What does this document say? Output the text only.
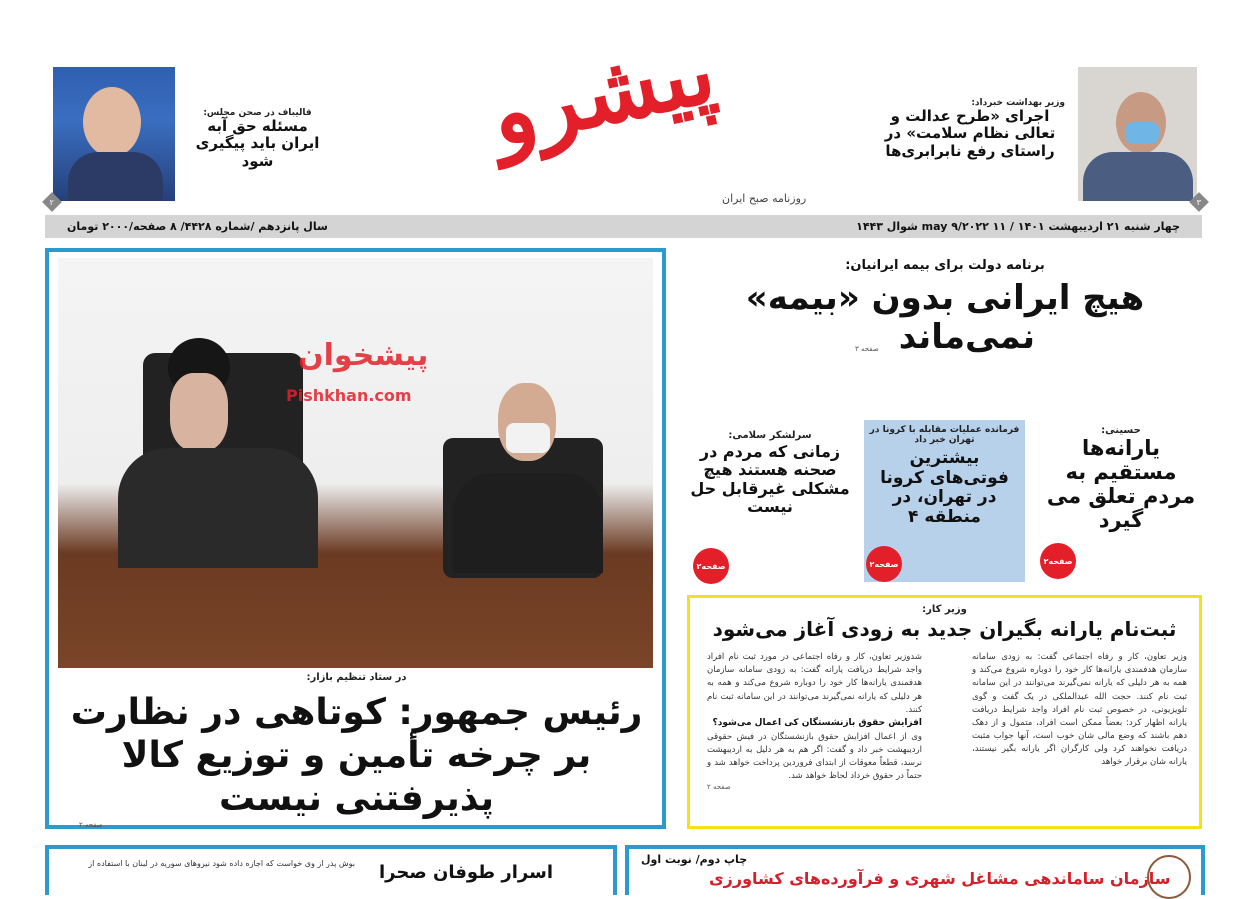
۲
قالیباف در صحن مجلس:
مسئله حق آبه ایران باید پیگیری شود	پیشرو
روزنامه صبح ایران
وزیر بهداشت خبرداد:
اجرای «طرح عدالت و تعالی نظام سلامت» در راستای رفع نابرابری‌ها
۳
سال پانزدهم /شماره ۴۴۲۸/ ۸ صفحه/۲۰۰۰ تومان	چهار شنبه ۲۱ اردیبهشت ۱۴۰۱ / ۱۱ may ۹/۲۰۲۲ شوال ۱۴۴۳
پیشخوان
Pishkhan.com
در ستاد تنظیم بازار:
رئیس جمهور: کوتاهی در نظارت بر چرخه تأمین و توزیع کالا پذیرفتنی نیست
صفحه ۲
برنامه دولت برای بیمه ایرانیان:
هیچ ایرانی بدون «بیمه»
نمی‌ماند
صفحه ۳
حسینی:
یارانه‌ها مستقیم به مردم تعلق می گیرد
صفحه۲
فرمانده عملیات مقابله با کرونا در تهران خبر داد
بیشترین فوتی‌های کرونا در تهران، در منطقه ۴
صفحه۲
سرلشکر سلامی:
زمانی که مردم در صحنه هستند هیچ مشکلی غیرقابل حل نیست
صفحه۲
وزیر کار:
ثبت‌نام یارانه بگیران جدید به زودی آغاز می‌شود
وزیر تعاون، کار و رفاه اجتماعی گفت: به زودی سامانه سازمان هدفمندی یارانه‌ها کار خود را دوباره شروع می‌کند و همه به هر دلیلی که یارانه نمی‌گیرند می‌توانند در این سامانه ثبت نام کنند. حجت الله عبدالملکی در یک گفت و گوی تلویزیونی، در خصوص ثبت نام افراد واجد شرایط دریافت یارانه اظهار کرد: بعضاً ممکن است افراد، متمول و از دهک دهم باشند که وضع مالی شان خوب است، آنها جواب مثبت دریافت نخواهند کرد ولی کارگران اگر یارانه بگیر نیستند، یارانه شان برقرار خواهد
شدوزیر تعاون، کار و رفاه اجتماعی در مورد ثبت نام افراد واجد شرایط دریافت یارانه گفت: به زودی سامانه سازمان هدفمندی یارانه‌ها کار خود را دوباره شروع می‌کند و همه به هر دلیلی که یارانه نمی‌گیرند می‌توانند در این سامانه ثبت نام کنند.
افزایش حقوق بازنشستگان کی اعمال می‌شود؟
وی از اعمال افزایش حقوق بازنشستگان در فیش حقوقی اردیبهشت خبر داد و گفت: اگر هم به هر دلیل به اردیبهشت نرسد، قطعاً معوقات از ابتدای فروردین پرداخت خواهد شد و حتماً در حقوق خرداد لحاظ خواهد شد.
صفحه ۲
بوش پدر از وی خواست که اجازه داده شود نیروهای سوریه در لبنان با استفاده از اسرار طوفان صحرا
چاپ دوم/ نوبت اول
سازمان ساماندهی مشاغل شهری و فرآورده‌های کشاورزی
